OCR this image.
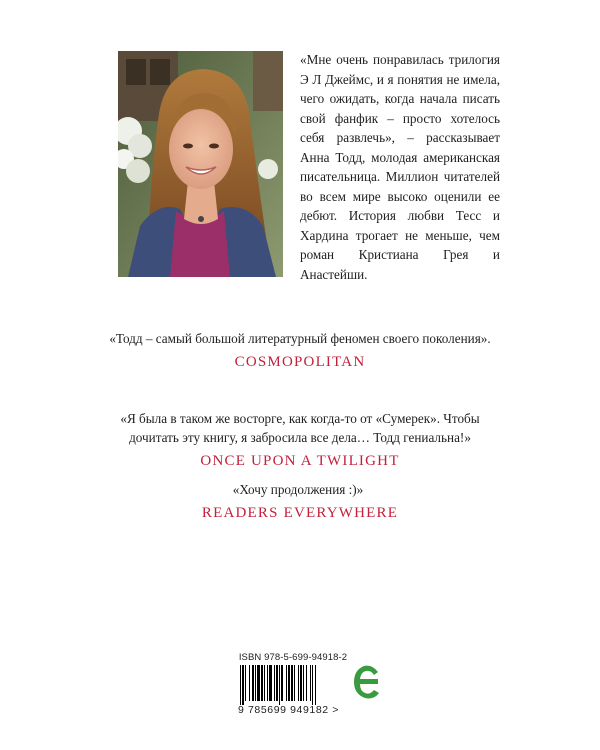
«Мне очень понравилась трилогия Э Л Джеймс, и я понятия не имела, чего ожидать, когда начала писать свой фанфик – просто хотелось себя развлечь», – рассказывает Анна Тодд, молодая американская писательница. Миллион читателей во всем мире высоко оценили ее дебют. История любви Тесс и Хардина трогает не меньше, чем роман Кристиана Грея и Анастейши.

«Тодд – самый большой литературный феномен своего поколения».

COSMOPOLITAN

«Я была в таком же восторге, как когда-то от «Сумерек». Чтобы дочитать эту книгу, я забросила все дела… Тодд гениальна!»

ONCE UPON A TWILIGHT

«Хочу продолжения :)»

READERS EVERYWHERE

ISBN 978-5-699-94918-2

9 785699 949182 >
